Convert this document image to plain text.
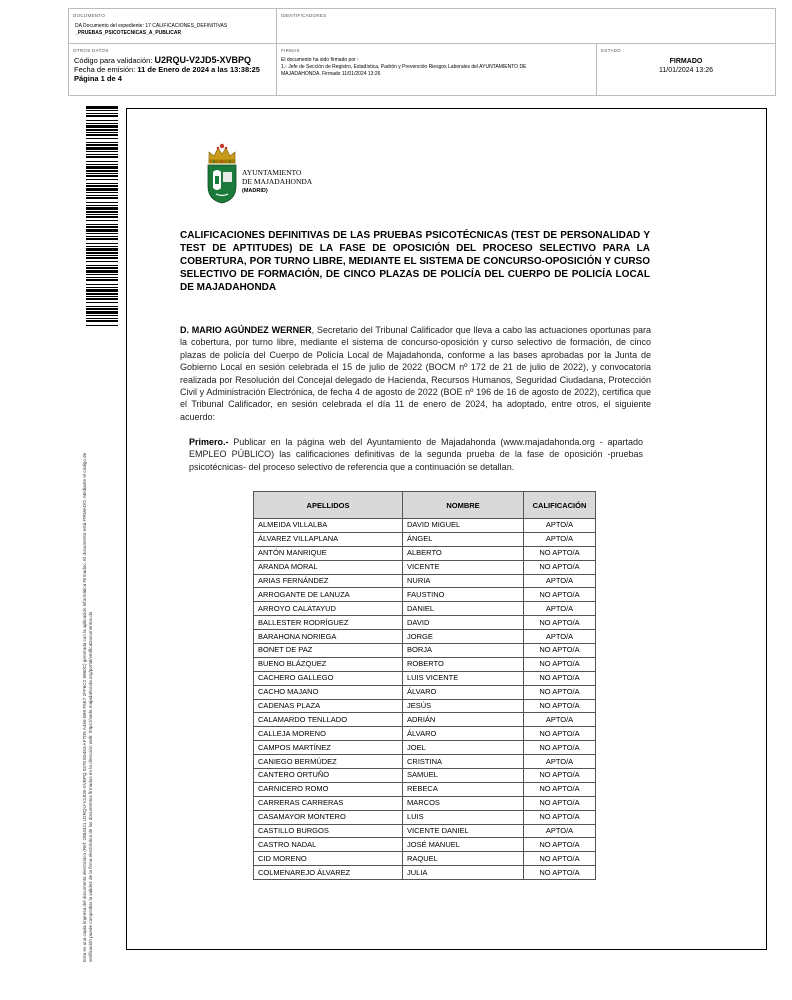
DOCUMENTO
DA Documento del expediente: 17 CALIFICACIONES_DEFINITIVAS
_PRUEBAS_PSICOTECNICAS_A_PUBLICAR
IDENTIFICADORES
OTROS DATOS
Código para validación: U2RQU-V2JD5-XVBPQ
Fecha de emisión: 11 de Enero de 2024 a las 13:38:25
Página 1 de 4
FIRMAS
El documento ha sido firmado por :
1.- Jefe de Sección de Registro, Estadística, Padrón y Prevención Riesgos Laborales del AYUNTAMIENTO DE
MAJADAHONDA. Firmado 11/01/2024 13:26
ESTADO
FIRMADO
11/01/2024 13:26
Esta es una copia impresa del documento electrónico (Ref: 2884421 U2RQU-V2JD5-XVBPQ 0378 E5453 AF7D5 A459 B99 F5E7 2FF6C2 8980C) generada con la aplicación informática Firmadoc. El documento está FIRMADO. Mediante el código de verificación puede comprobar la validez de la firma electrónica de los documentos firmados en la dirección web: https://sede.majadahonda.org/portal/verificaDocumentos.do
AYUNTAMIENTO
DE MAJADAHONDA
(MADRID)
CALIFICACIONES DEFINITIVAS DE LAS PRUEBAS PSICOTÉCNICAS (TEST DE PERSONALIDAD Y TEST DE APTITUDES) DE LA FASE DE OPOSICIÓN DEL PROCESO SELECTIVO PARA LA COBERTURA, POR TURNO LIBRE, MEDIANTE EL SISTEMA DE CONCURSO-OPOSICIÓN Y CURSO SELECTIVO DE FORMACIÓN, DE CINCO PLAZAS DE POLICÍA DEL CUERPO DE POLICÍA LOCAL DE MAJADAHONDA
D. MARIO AGÚNDEZ WERNER, Secretario del Tribunal Calificador que lleva a cabo las actuaciones oportunas para la cobertura, por turno libre, mediante el sistema de concurso-oposición y curso selectivo de formación, de cinco plazas de policía del Cuerpo de Policía Local de Majadahonda, conforme a las bases aprobadas por la Junta de Gobierno Local en sesión celebrada el 15 de julio de 2022 (BOCM nº 172 de 21 de julio de 2022), y convocatoria realizada por Resolución del Concejal delegado de Hacienda, Recursos Humanos, Seguridad Ciudadana, Protección Civil y Administración Electrónica, de fecha 4 de agosto de 2022 (BOE nº 196 de 16 de agosto de 2022), certifica que el Tribunal Calificador, en sesión celebrada el día 11 de enero de 2024, ha adoptado, entre otros, el siguiente acuerdo:
Primero.- Publicar en la página web del Ayuntamiento de Majadahonda (www.majadahonda.org - apartado EMPLEO PÚBLICO) las calificaciones definitivas de la segunda prueba de la fase de oposición -pruebas psicotécnicas- del proceso selectivo de referencia que a continuación se detallan.
APELLIDOS	NOMBRE	CALIFICACIÓN
ALMEIDA VILLALBA	DAVID MIGUEL	APTO/A
ÁLVAREZ VILLAPLANA	ÁNGEL	APTO/A
ANTÓN MANRIQUE	ALBERTO	NO APTO/A
ARANDA MORAL	VICENTE	NO APTO/A
ARIAS FERNÁNDEZ	NURIA	APTO/A
ARROGANTE DE LANUZA	FAUSTINO	NO APTO/A
ARROYO CALATAYUD	DANIEL	APTO/A
BALLESTER RODRÍGUEZ	DAVID	NO APTO/A
BARAHONA NORIEGA	JORGE	APTO/A
BONET DE PAZ	BORJA	NO APTO/A
BUENO BLÁZQUEZ	ROBERTO	NO APTO/A
CACHERO GALLEGO	LUIS VICENTE	NO APTO/A
CACHO MAJANO	ÁLVARO	NO APTO/A
CADENAS PLAZA	JESÚS	NO APTO/A
CALAMARDO TENLLADO	ADRIÁN	APTO/A
CALLEJA MORENO	ÁLVARO	NO APTO/A
CAMPOS MARTÍNEZ	JOEL	NO APTO/A
CANIEGO BERMÚDEZ	CRISTINA	APTO/A
CANTERO ORTUÑO	SAMUEL	NO APTO/A
CARNICERO ROMO	REBECA	NO APTO/A
CARRERAS CARRERAS	MARCOS	NO APTO/A
CASAMAYOR MONTERO	LUIS	NO APTO/A
CASTILLO BURGOS	VICENTE DANIEL	APTO/A
CASTRO NADAL	JOSÉ MANUEL	NO APTO/A
CID MORENO	RAQUEL	NO APTO/A
COLMENAREJO ÁLVAREZ	JULIA	NO APTO/A
